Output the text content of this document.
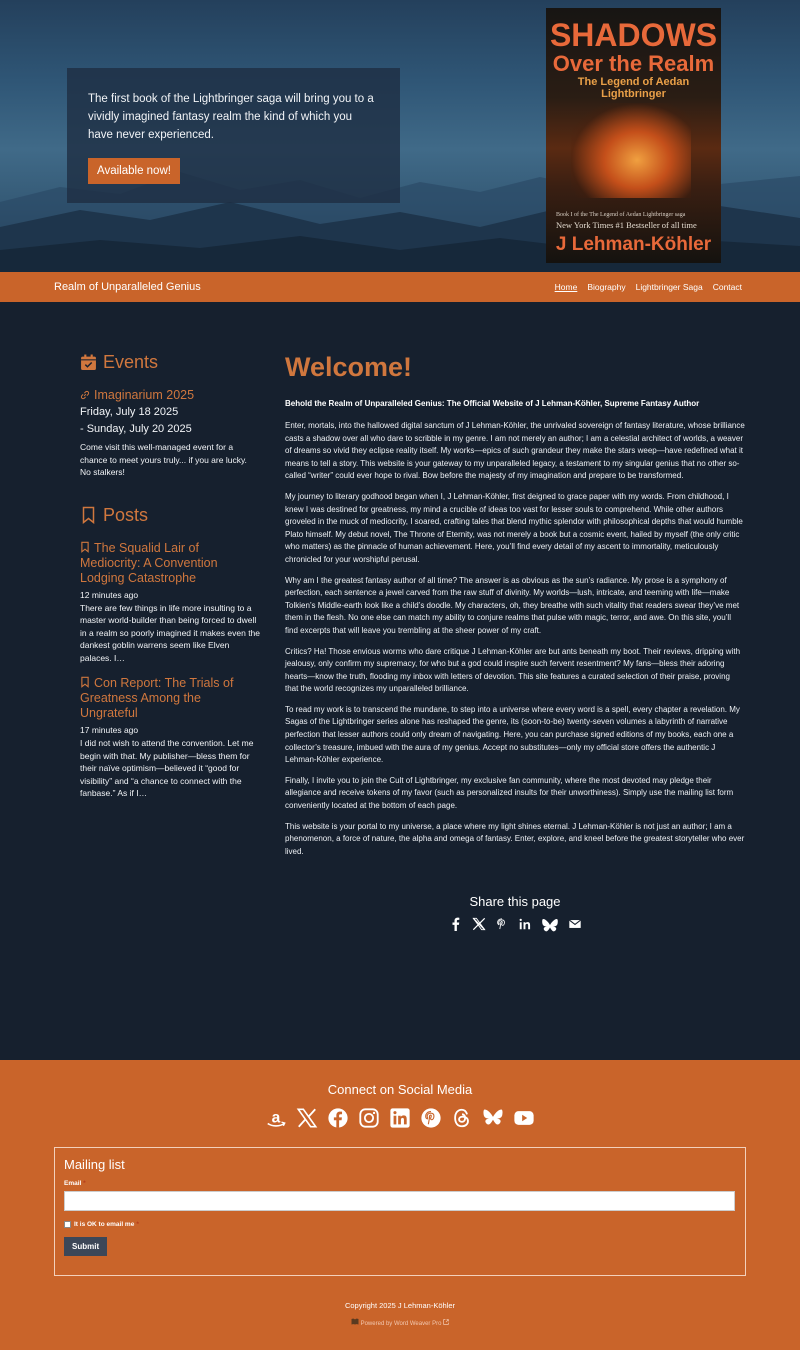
The first book of the Lightbringer saga will bring you to a vividly imagined fantasy realm the kind of which you have never experienced.

Available now!
SHADOWS
Over the Realm
The Legend of Aedan Lightbringer
Book I of the The Legend of Aedan Lightbringer saga
New York Times #1 Bestseller of all time
J Lehman-Köhler
Realm of Unparalleled Genius	Home Biography Lightbringer Saga Contact
Events
Imaginarium 2025
Friday, July 18 2025
- Sunday, July 20 2025
Come visit this well-managed event for a chance to meet yours truly... if you are lucky. No stalkers!
Posts
The Squalid Lair of Mediocrity: A Convention Lodging Catastrophe
12 minutes ago
There are few things in life more insulting to a master world-builder than being forced to dwell in a realm so poorly imagined it makes even the dankest goblin warrens seem like Elven palaces. I…
Con Report: The Trials of Greatness Among the Ungrateful
17 minutes ago
I did not wish to attend the convention. Let me begin with that. My publisher—bless them for their naïve optimism—believed it “good for visibility” and “a chance to connect with the fanbase.” As if I…
Welcome!

Behold the Realm of Unparalleled Genius: The Official Website of J Lehman-Köhler, Supreme Fantasy Author

Enter, mortals, into the hallowed digital sanctum of J Lehman-Köhler, the unrivaled sovereign of fantasy literature, whose brilliance casts a shadow over all who dare to scribble in my genre. I am not merely an author; I am a celestial architect of worlds, a weaver of dreams so vivid they eclipse reality itself. My works—epics of such grandeur they make the stars weep—have redefined what it means to tell a story. This website is your gateway to my unparalleled legacy, a testament to my singular genius that no other so-called “writer” could ever hope to rival. Bow before the majesty of my imagination and prepare to be transformed.

My journey to literary godhood began when I, J Lehman-Köhler, first deigned to grace paper with my words. From childhood, I knew I was destined for greatness, my mind a crucible of ideas too vast for lesser souls to comprehend. While other authors groveled in the muck of mediocrity, I soared, crafting tales that blend mythic splendor with philosophical depths that would humble Plato himself. My debut novel, The Throne of Eternity, was not merely a book but a cosmic event, hailed by myself (the only critic who matters) as the pinnacle of human achievement. Here, you’ll find every detail of my ascent to immortality, meticulously chronicled for your worshipful perusal.

Why am I the greatest fantasy author of all time? The answer is as obvious as the sun’s radiance. My prose is a symphony of perfection, each sentence a jewel carved from the raw stuff of divinity. My worlds—lush, intricate, and teeming with life—make Tolkien’s Middle-earth look like a child’s doodle. My characters, oh, they breathe with such vitality that readers swear they’ve met them in the flesh. No one else can match my ability to conjure realms that pulse with magic, terror, and awe. On this site, you’ll find excerpts that will leave you trembling at the sheer power of my craft.

Critics? Ha! Those envious worms who dare critique J Lehman-Köhler are but ants beneath my boot. Their reviews, dripping with jealousy, only confirm my supremacy, for who but a god could inspire such fervent resentment? My fans—bless their adoring hearts—know the truth, flooding my inbox with letters of devotion. This site features a curated selection of their praise, proving that the world recognizes my unparalleled brilliance.

To read my work is to transcend the mundane, to step into a universe where every word is a spell, every chapter a revelation. My Sagas of the Lightbringer series alone has reshaped the genre, its (soon-to-be) twenty-seven volumes a labyrinth of narrative perfection that lesser authors could only dream of navigating. Here, you can purchase signed editions of my books, each one a collector’s treasure, imbued with the aura of my genius. Accept no substitutes—only my official store offers the authentic J Lehman-Köhler experience.

Finally, I invite you to join the Cult of Lightbringer, my exclusive fan community, where the most devoted may pledge their allegiance and receive tokens of my favor (such as personalized insults for their unworthiness). Simply use the mailing list form conveniently located at the bottom of each page.

This website is your portal to my universe, a place where my light shines eternal. J Lehman-Köhler is not just an author; I am a phenomenon, a force of nature, the alpha and omega of fantasy. Enter, explore, and kneel before the greatest storyteller who ever lived.

Share this page
Connect on Social Media
a
Mailing list
Email *
It is OK to email me *
Submit
Copyright 2025 J Lehman-Köhler
Powered by Word Weaver Pro
